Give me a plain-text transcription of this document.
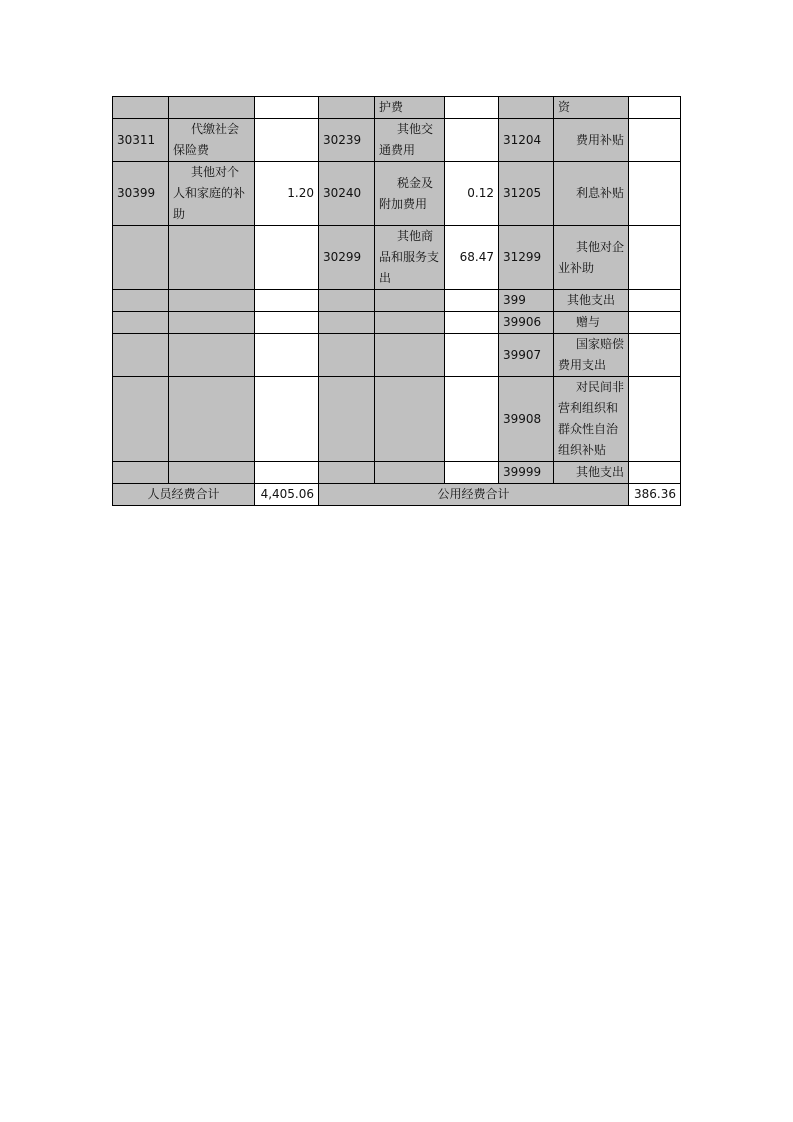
				护费			资	
30311	代缴社会保险费		30239	其他交通费用		31204	费用补贴	
30399	其他对个人和家庭的补助	1.20	30240	税金及附加费用	0.12	31205	利息补贴	
			30299	其他商品和服务支出	68.47	31299	其他对企业补助	
						399	其他支出	
						39906	赠与	
						39907	国家赔偿费用支出	
						39908	对民间非营利组织和群众性自治组织补贴	
						39999	其他支出	
人员经费合计		4,405.06	公用经费合计					386.36
